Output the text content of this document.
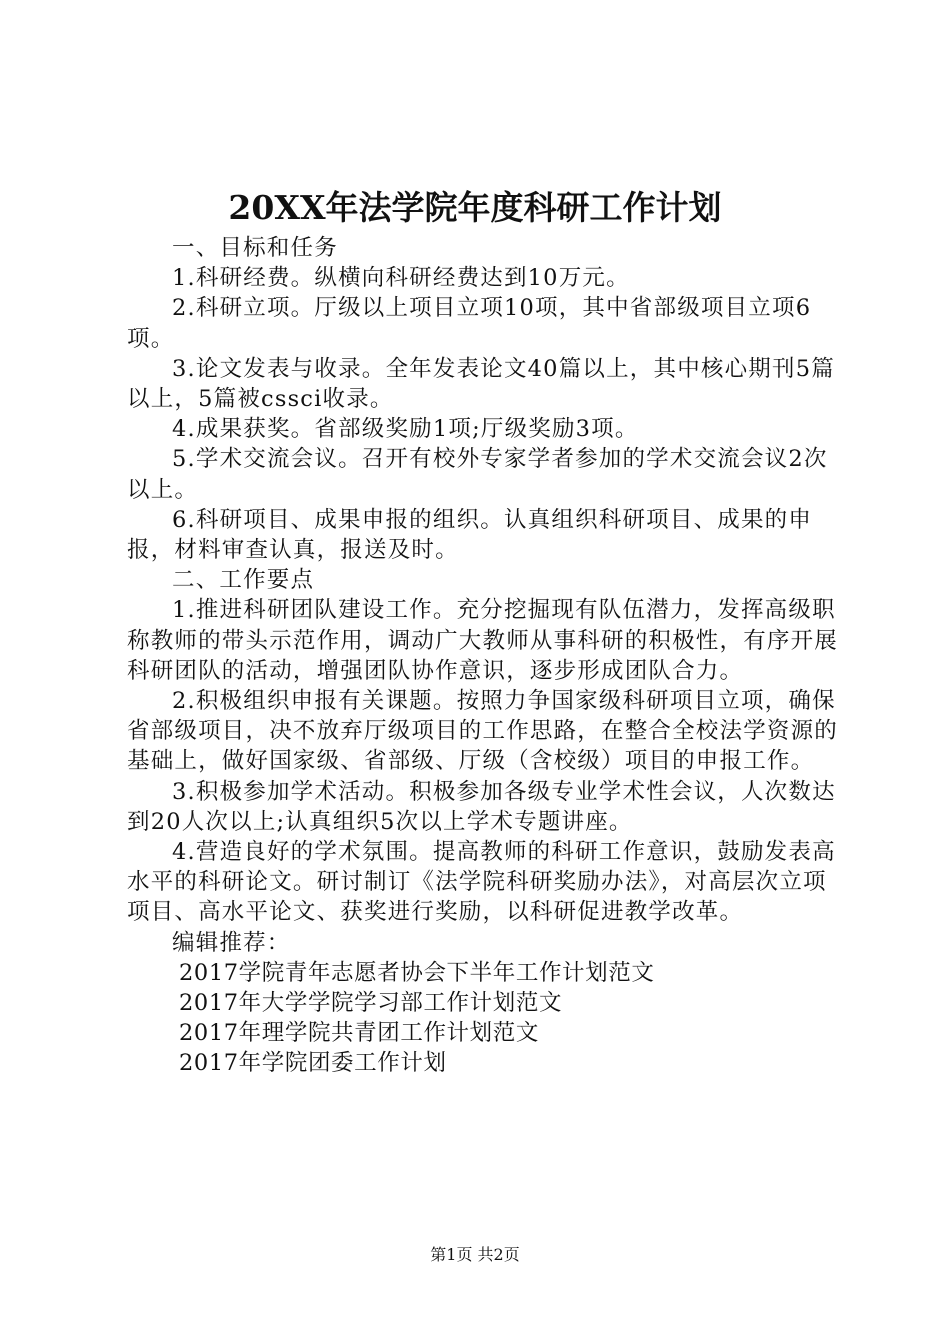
20XX年法学院年度科研工作计划

一、目标和任务

1.科研经费。纵横向科研经费达到10万元。

2.科研立项。厅级以上项目立项10项，其中省部级项目立项6项。

3.论文发表与收录。全年发表论文40篇以上，其中核心期刊5篇以上，5篇被cssci收录。

4.成果获奖。省部级奖励1项;厅级奖励3项。

5.学术交流会议。召开有校外专家学者参加的学术交流会议2次以上。

6.科研项目、成果申报的组织。认真组织科研项目、成果的申报，材料审查认真，报送及时。

二、工作要点

1.推进科研团队建设工作。充分挖掘现有队伍潜力，发挥高级职称教师的带头示范作用，调动广大教师从事科研的积极性，有序开展科研团队的活动，增强团队协作意识，逐步形成团队合力。

2.积极组织申报有关课题。按照力争国家级科研项目立项，确保省部级项目，决不放弃厅级项目的工作思路，在整合全校法学资源的基础上，做好国家级、省部级、厅级（含校级）项目的申报工作。

3.积极参加学术活动。积极参加各级专业学术性会议，人次数达到20人次以上;认真组织5次以上学术专题讲座。

4.营造良好的学术氛围。提高教师的科研工作意识，鼓励发表高水平的科研论文。研讨制订《法学院科研奖励办法》，对高层次立项项目、高水平论文、获奖进行奖励，以科研促进教学改革。

编辑推荐：

2017学院青年志愿者协会下半年工作计划范文

2017年大学学院学习部工作计划范文

2017年理学院共青团工作计划范文

2017年学院团委工作计划

第1页 共2页
